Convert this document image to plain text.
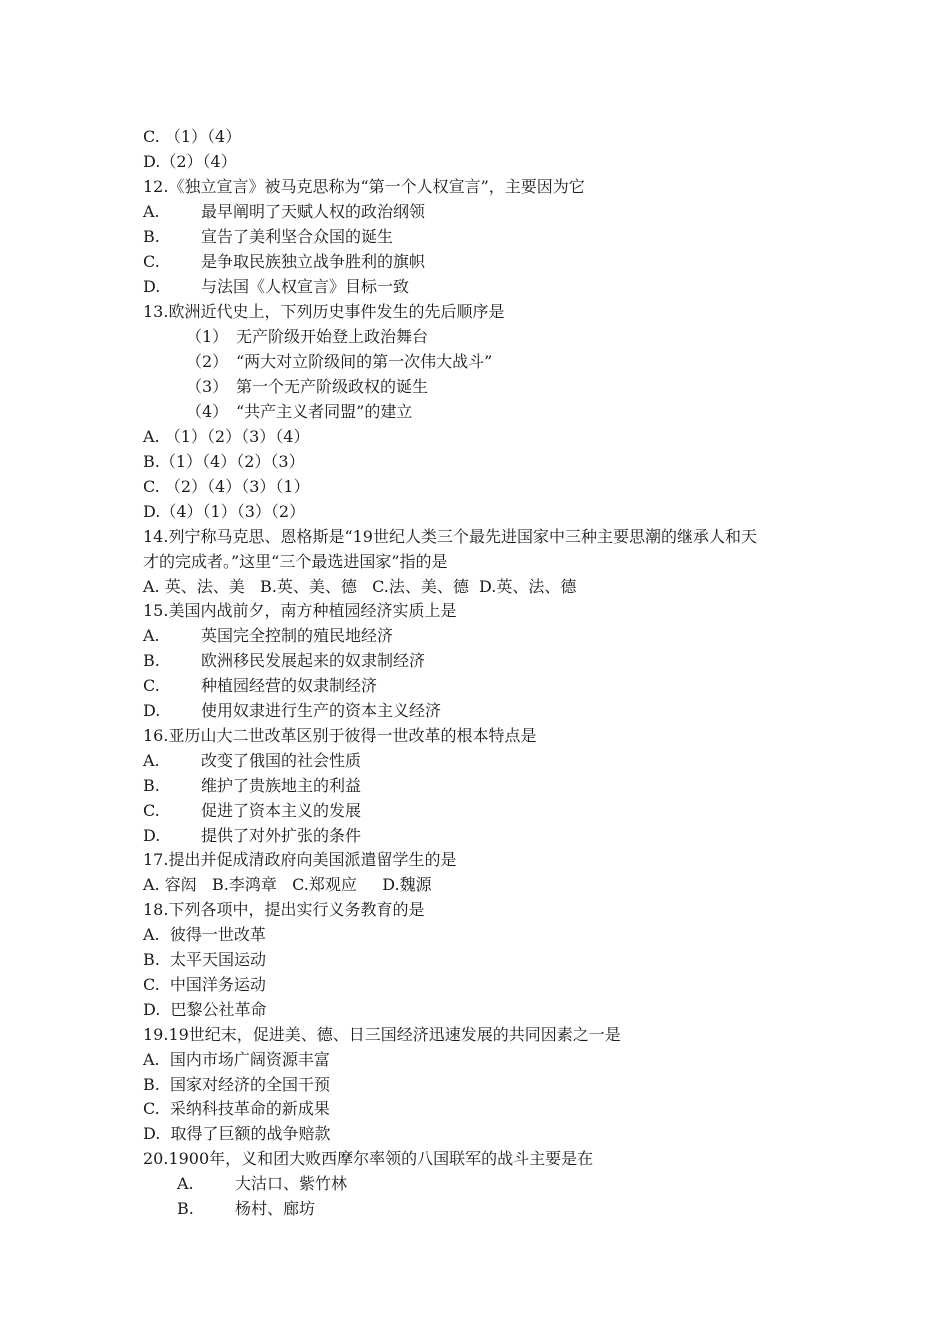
C. （1）（4）
D.（2）（4）
12.《独立宣言》被马克思称为“第一个人权宣言”，主要因为它
A.	最早阐明了天赋人权的政治纲领
B.	宣告了美利坚合众国的诞生
C.	是争取民族独立战争胜利的旗帜
D.	与法国《人权宣言》目标一致
13.欧洲近代史上，下列历史事件发生的先后顺序是
（1） 无产阶级开始登上政治舞台
（2） “两大对立阶级间的第一次伟大战斗”
（3） 第一个无产阶级政权的诞生
（4） “共产主义者同盟”的建立
A. （1）（2）（3）（4）
B.（1）（4）（2）（3）
C. （2）（4）（3）（1）
D.（4）（1）（3）（2）
14.列宁称马克思、恩格斯是“19世纪人类三个最先进国家中三种主要思潮的继承人和天
才的完成者。”这里“三个最选进国家”指的是
A. 英、法、美   B.英、美、德   C.法、美、德  D.英、法、德
15.美国内战前夕，南方种植园经济实质上是
A.	英国完全控制的殖民地经济
B.	欧洲移民发展起来的奴隶制经济
C.	种植园经营的奴隶制经济
D.	使用奴隶进行生产的资本主义经济
16.亚历山大二世改革区别于彼得一世改革的根本特点是
A.	改变了俄国的社会性质
B.	维护了贵族地主的利益
C.	促进了资本主义的发展
D.	提供了对外扩张的条件
17.提出并促成清政府向美国派遣留学生的是
A. 容闳   B.李鸿章   C.郑观应     D.魏源
18.下列各项中，提出实行义务教育的是
A.  彼得一世改革
B.  太平天国运动
C.  中国洋务运动
D.  巴黎公社革命
19.19世纪末，促进美、德、日三国经济迅速发展的共同因素之一是
A.  国内市场广阔资源丰富
B.  国家对经济的全国干预
C.  采纳科技革命的新成果
D.  取得了巨额的战争赔款
20.1900年，义和团大败西摩尔率领的八国联军的战斗主要是在
A.	大沽口、紫竹林
B.	杨村、廊坊
